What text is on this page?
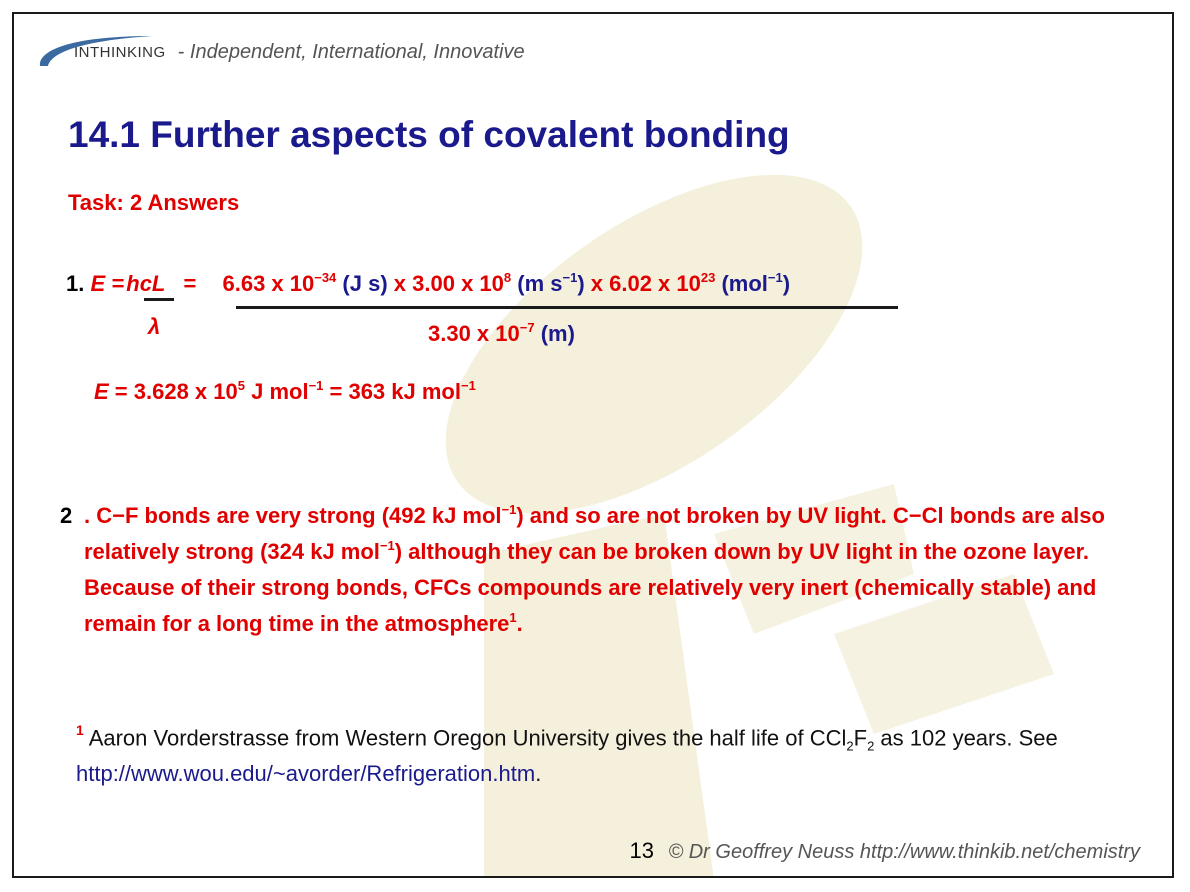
INTHINKING - Independent, International, Innovative
14.1 Further aspects of covalent bonding
Task: 2 Answers
1. E = hcL = 6.63 x $10^{-34}$ (J s) x 3.00 x $10^8$ (m $s^{-1}$) x 6.02 x $10^{23}$ (mol$^{-1}$)
λ	3.30 x $10^{-7}$ (m)
E = 3.628 x $10^5$ J mol$^{-1}$ = 363 kJ mol$^{-1}$
2 . C−F bonds are very strong (492 kJ mol$^{-1}$) and so are not broken by UV light. C−Cl bonds are also relatively strong (324 kJ mol$^{-1}$) although they can be broken down by UV light in the ozone layer. Because of their strong bonds, CFCs compounds are relatively very inert (chemically stable) and remain for a long time in the atmosphere$^1$.
$^1$ Aaron Vorderstrasse from Western Oregon University gives the half life of $CCl_2F_2$ as 102 years. See http://www.wou.edu/~avorder/Refrigeration.htm.
13 © Dr Geoffrey Neuss http://www.thinkib.net/chemistry
